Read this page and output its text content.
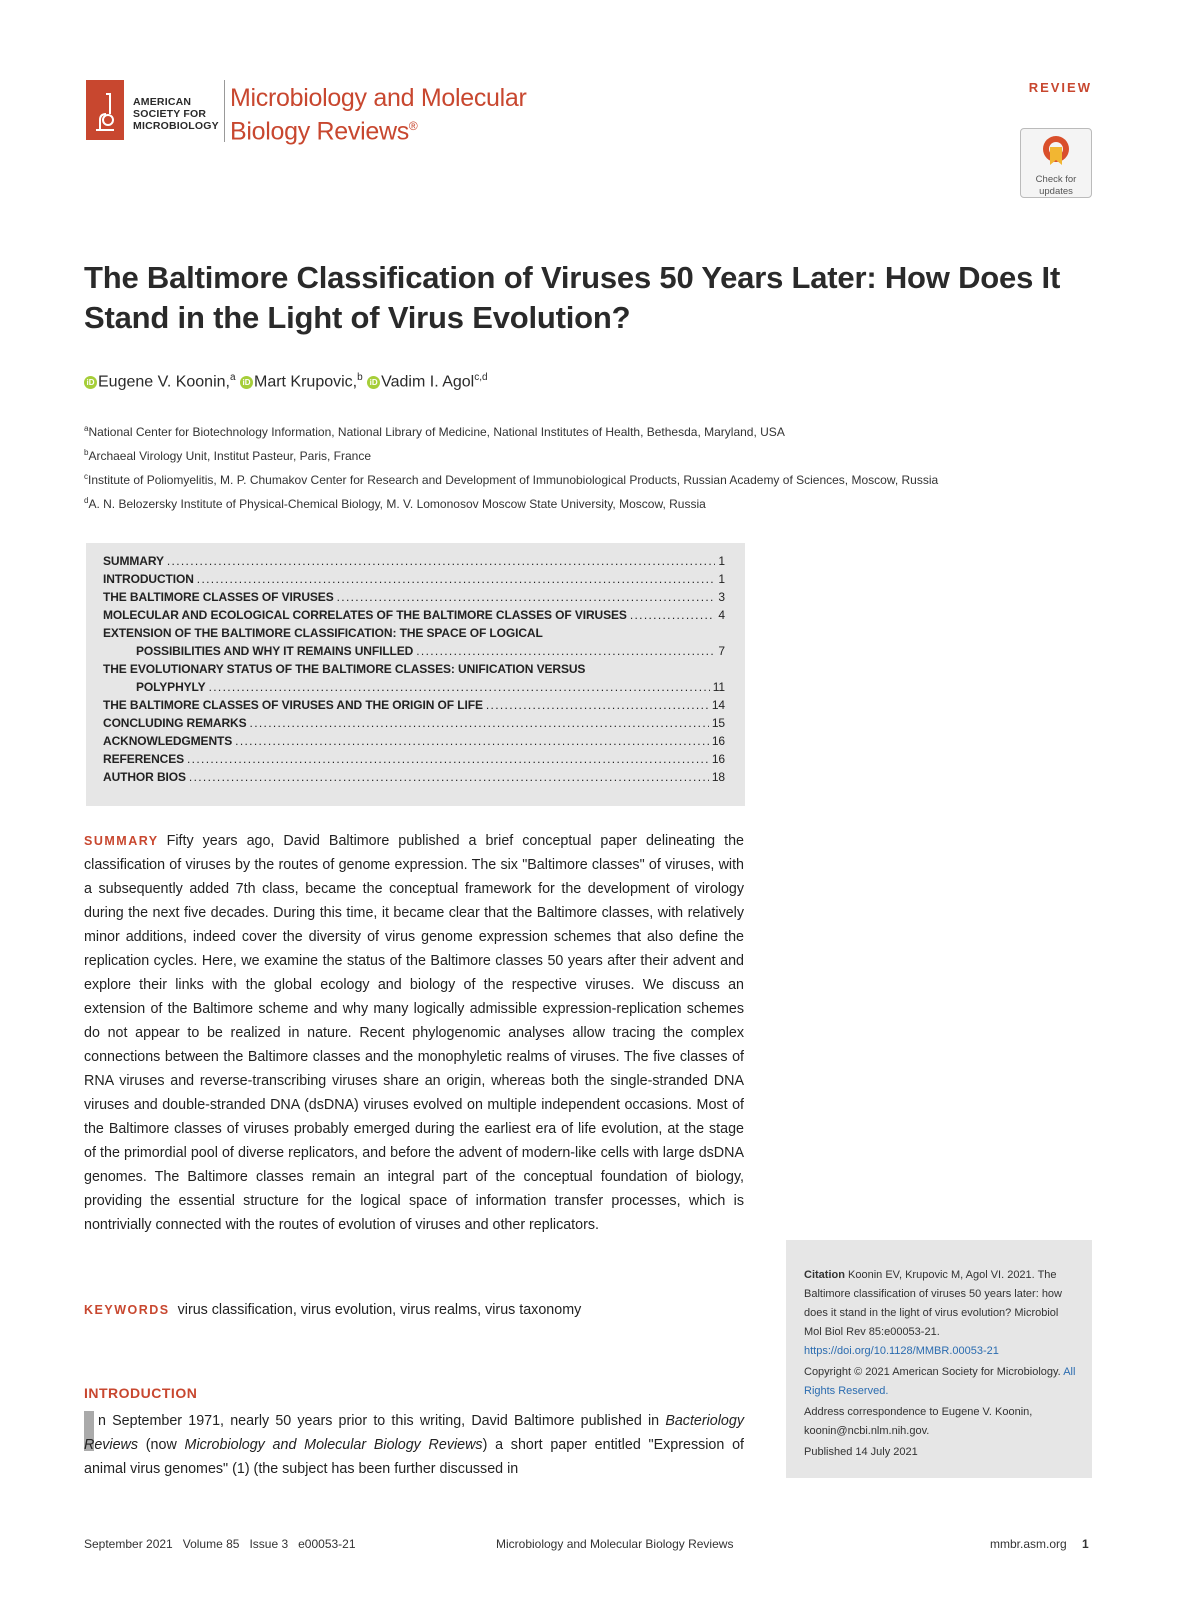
AMERICAN
SOCIETY FOR
MICROBIOLOGY
Microbiology and Molecular
Biology Reviews®
REVIEW
Check for
updates
The Baltimore Classification of Viruses 50 Years Later: How Does It Stand in the Light of Virus Evolution?
iD Eugene V. Koonin,$^a$ iD Mart Krupovic,$^b$ iD Vadim I. Agol$^{c,d}$
$^a$National Center for Biotechnology Information, National Library of Medicine, National Institutes of Health, Bethesda, Maryland, USA
$^b$Archaeal Virology Unit, Institut Pasteur, Paris, France
$^c$Institute of Poliomyelitis, M. P. Chumakov Center for Research and Development of Immunobiological Products, Russian Academy of Sciences, Moscow, Russia
$^d$A. N. Belozersky Institute of Physical-Chemical Biology, M. V. Lomonosov Moscow State University, Moscow, Russia
SUMMARY . . .	1
INTRODUCTION . . .	1
THE BALTIMORE CLASSES OF VIRUSES . . .	3
MOLECULAR AND ECOLOGICAL CORRELATES OF THE BALTIMORE CLASSES OF VIRUSES . . .	4
EXTENSION OF THE BALTIMORE CLASSIFICATION: THE SPACE OF LOGICAL
POSSIBILITIES AND WHY IT REMAINS UNFILLED . . .	7
THE EVOLUTIONARY STATUS OF THE BALTIMORE CLASSES: UNIFICATION VERSUS
POLYPHYLY . . .	11
THE BALTIMORE CLASSES OF VIRUSES AND THE ORIGIN OF LIFE . . .	14
CONCLUDING REMARKS . . .	15
ACKNOWLEDGMENTS . . .	16
REFERENCES . . .	16
AUTHOR BIOS . . .	18
SUMMARY Fifty years ago, David Baltimore published a brief conceptual paper delineating the classification of viruses by the routes of genome expression. The six "Baltimore classes" of viruses, with a subsequently added 7th class, became the conceptual framework for the development of virology during the next five decades. During this time, it became clear that the Baltimore classes, with relatively minor additions, indeed cover the diversity of virus genome expression schemes that also define the replication cycles. Here, we examine the status of the Baltimore classes 50 years after their advent and explore their links with the global ecology and biology of the respective viruses. We discuss an extension of the Baltimore scheme and why many logically admissible expression-replication schemes do not appear to be realized in nature. Recent phylogenomic analyses allow tracing the complex connections between the Baltimore classes and the monophyletic realms of viruses. The five classes of RNA viruses and reverse-transcribing viruses share an origin, whereas both the single-stranded DNA viruses and double-stranded DNA (dsDNA) viruses evolved on multiple independent occasions. Most of the Baltimore classes of viruses probably emerged during the earliest era of life evolution, at the stage of the primordial pool of diverse replicators, and before the advent of modern-like cells with large dsDNA genomes. The Baltimore classes remain an integral part of the conceptual foundation of biology, providing the essential structure for the logical space of information transfer processes, which is nontrivially connected with the routes of evolution of viruses and other replicators.
KEYWORDS virus classification, virus evolution, virus realms, virus taxonomy
INTRODUCTION
n September 1971, nearly 50 years prior to this writing, David Baltimore published in Bacteriology Reviews (now Microbiology and Molecular Biology Reviews) a short paper entitled "Expression of animal virus genomes" (1) (the subject has been further discussed in

Citation Koonin EV, Krupovic M, Agol VI. 2021. The Baltimore classification of viruses 50 years later: how does it stand in the light of virus evolution? Microbiol Mol Biol Rev 85:e00053-21. https://doi.org/10.1128/MMBR.00053-21

Copyright © 2021 American Society for Microbiology. All Rights Reserved.

Address correspondence to Eugene V. Koonin, koonin@ncbi.nlm.nih.gov.

Published 14 July 2021

September 2021   Volume 85   Issue 3   e00053-21	Microbiology and Molecular Biology Reviews	mmbr.asm.org 1
